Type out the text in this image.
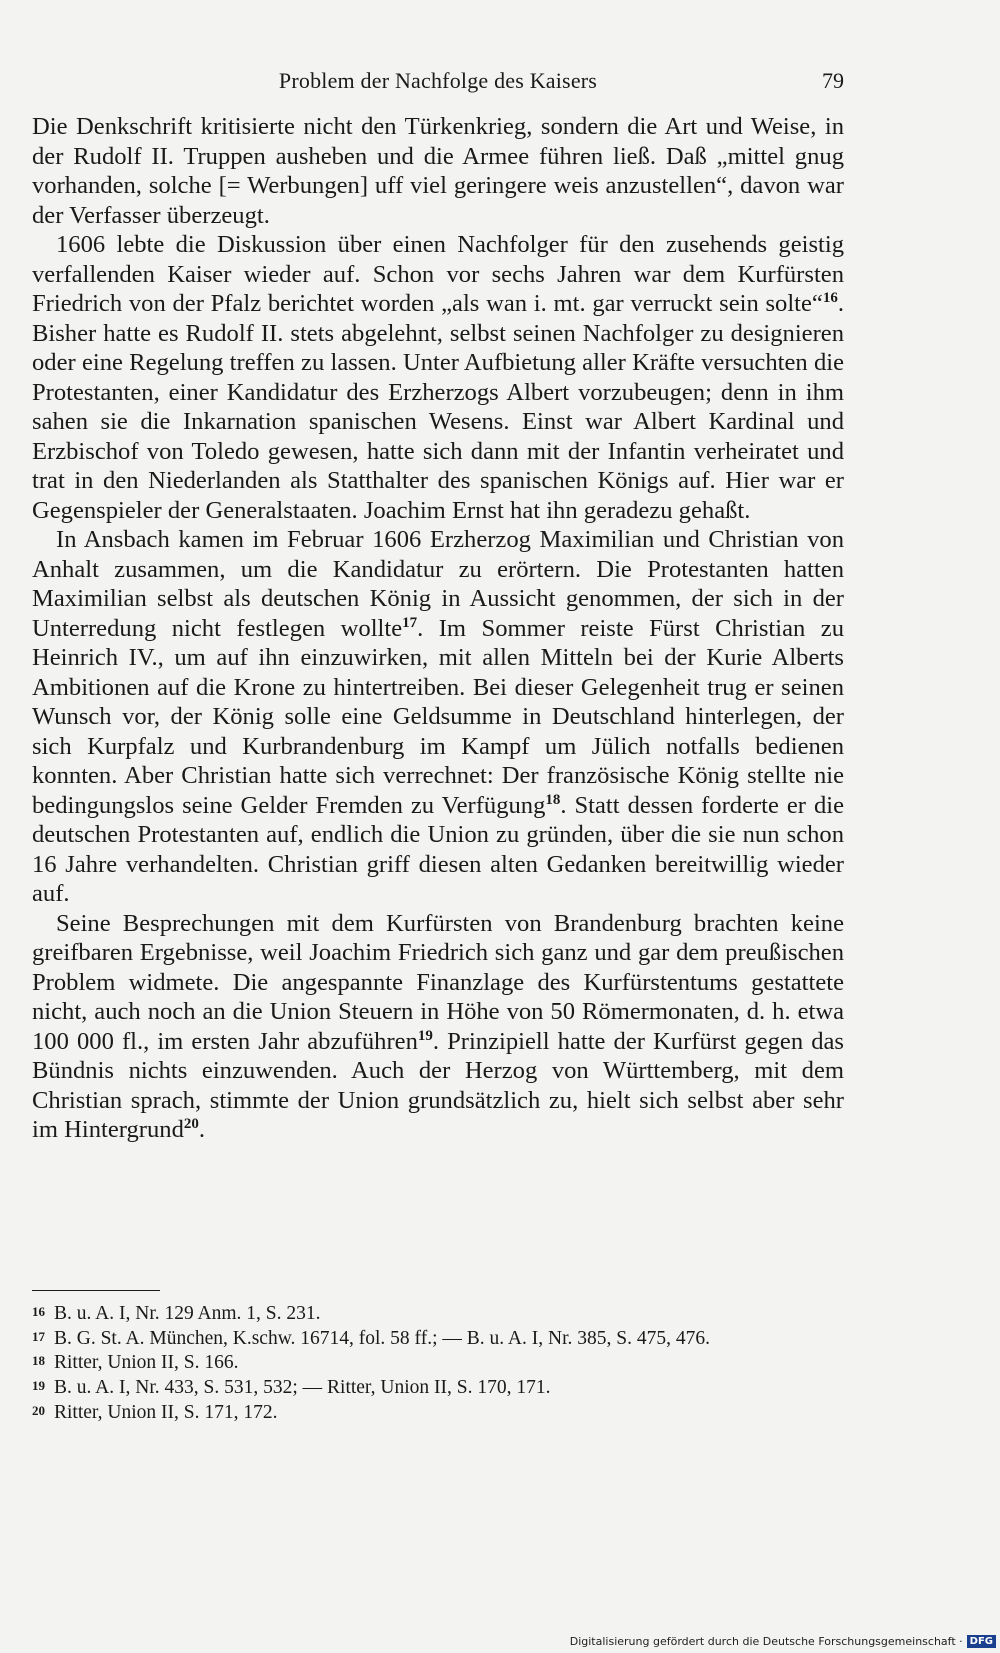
Problem der Nachfolge des Kaisers	79

Die Denkschrift kritisierte nicht den Türkenkrieg, sondern die Art und Weise, in der Rudolf II. Truppen ausheben und die Armee führen ließ. Daß „mittel gnug vorhanden, solche [= Werbungen] uff viel geringere weis anzustellen“, davon war der Verfasser überzeugt.

1606 lebte die Diskussion über einen Nachfolger für den zusehends geistig verfallenden Kaiser wieder auf. Schon vor sechs Jahren war dem Kurfürsten Friedrich von der Pfalz berichtet worden „als wan i. mt. gar verruckt sein solte“$^{16}$. Bisher hatte es Rudolf II. stets abgelehnt, selbst seinen Nachfolger zu designieren oder eine Regelung treffen zu lassen. Unter Aufbietung aller Kräfte versuchten die Protestanten, einer Kandidatur des Erzherzogs Albert vorzubeugen; denn in ihm sahen sie die Inkarnation spanischen Wesens. Einst war Albert Kardinal und Erzbischof von Toledo gewesen, hatte sich dann mit der Infantin verheiratet und trat in den Niederlanden als Statthalter des spanischen Königs auf. Hier war er Gegenspieler der Generalstaaten. Joachim Ernst hat ihn geradezu gehaßt.

In Ansbach kamen im Februar 1606 Erzherzog Maximilian und Christian von Anhalt zusammen, um die Kandidatur zu erörtern. Die Protestanten hatten Maximilian selbst als deutschen König in Aussicht genommen, der sich in der Unterredung nicht festlegen wollte$^{17}$. Im Sommer reiste Fürst Christian zu Heinrich IV., um auf ihn einzuwirken, mit allen Mitteln bei der Kurie Alberts Ambitionen auf die Krone zu hintertreiben. Bei dieser Gelegenheit trug er seinen Wunsch vor, der König solle eine Geldsumme in Deutschland hinterlegen, der sich Kurpfalz und Kurbrandenburg im Kampf um Jülich notfalls bedienen konnten. Aber Christian hatte sich verrechnet: Der französische König stellte nie bedingungslos seine Gelder Fremden zu Verfügung$^{18}$. Statt dessen forderte er die deutschen Protestanten auf, endlich die Union zu gründen, über die sie nun schon 16 Jahre verhandelten. Christian griff diesen alten Gedanken bereitwillig wieder auf.

Seine Besprechungen mit dem Kurfürsten von Brandenburg brachten keine greifbaren Ergebnisse, weil Joachim Friedrich sich ganz und gar dem preußischen Problem widmete. Die angespannte Finanzlage des Kurfürstentums gestattete nicht, auch noch an die Union Steuern in Höhe von 50 Römermonaten, d. h. etwa 100 000 fl., im ersten Jahr abzuführen$^{19}$. Prinzipiell hatte der Kurfürst gegen das Bündnis nichts einzuwenden. Auch der Herzog von Württemberg, mit dem Christian sprach, stimmte der Union grundsätzlich zu, hielt sich selbst aber sehr im Hintergrund$^{20}$.

16 B. u. A. I, Nr. 129 Anm. 1, S. 231.
17 B. G. St. A. München, K.schw. 16714, fol. 58 ff.; — B. u. A. I, Nr. 385, S. 475, 476.
18 Ritter, Union II, S. 166.
19 B. u. A. I, Nr. 433, S. 531, 532; — Ritter, Union II, S. 170, 171.
20 Ritter, Union II, S. 171, 172.
Digitalisierung gefördert durch die Deutsche Forschungsgemeinschaft · DFG
